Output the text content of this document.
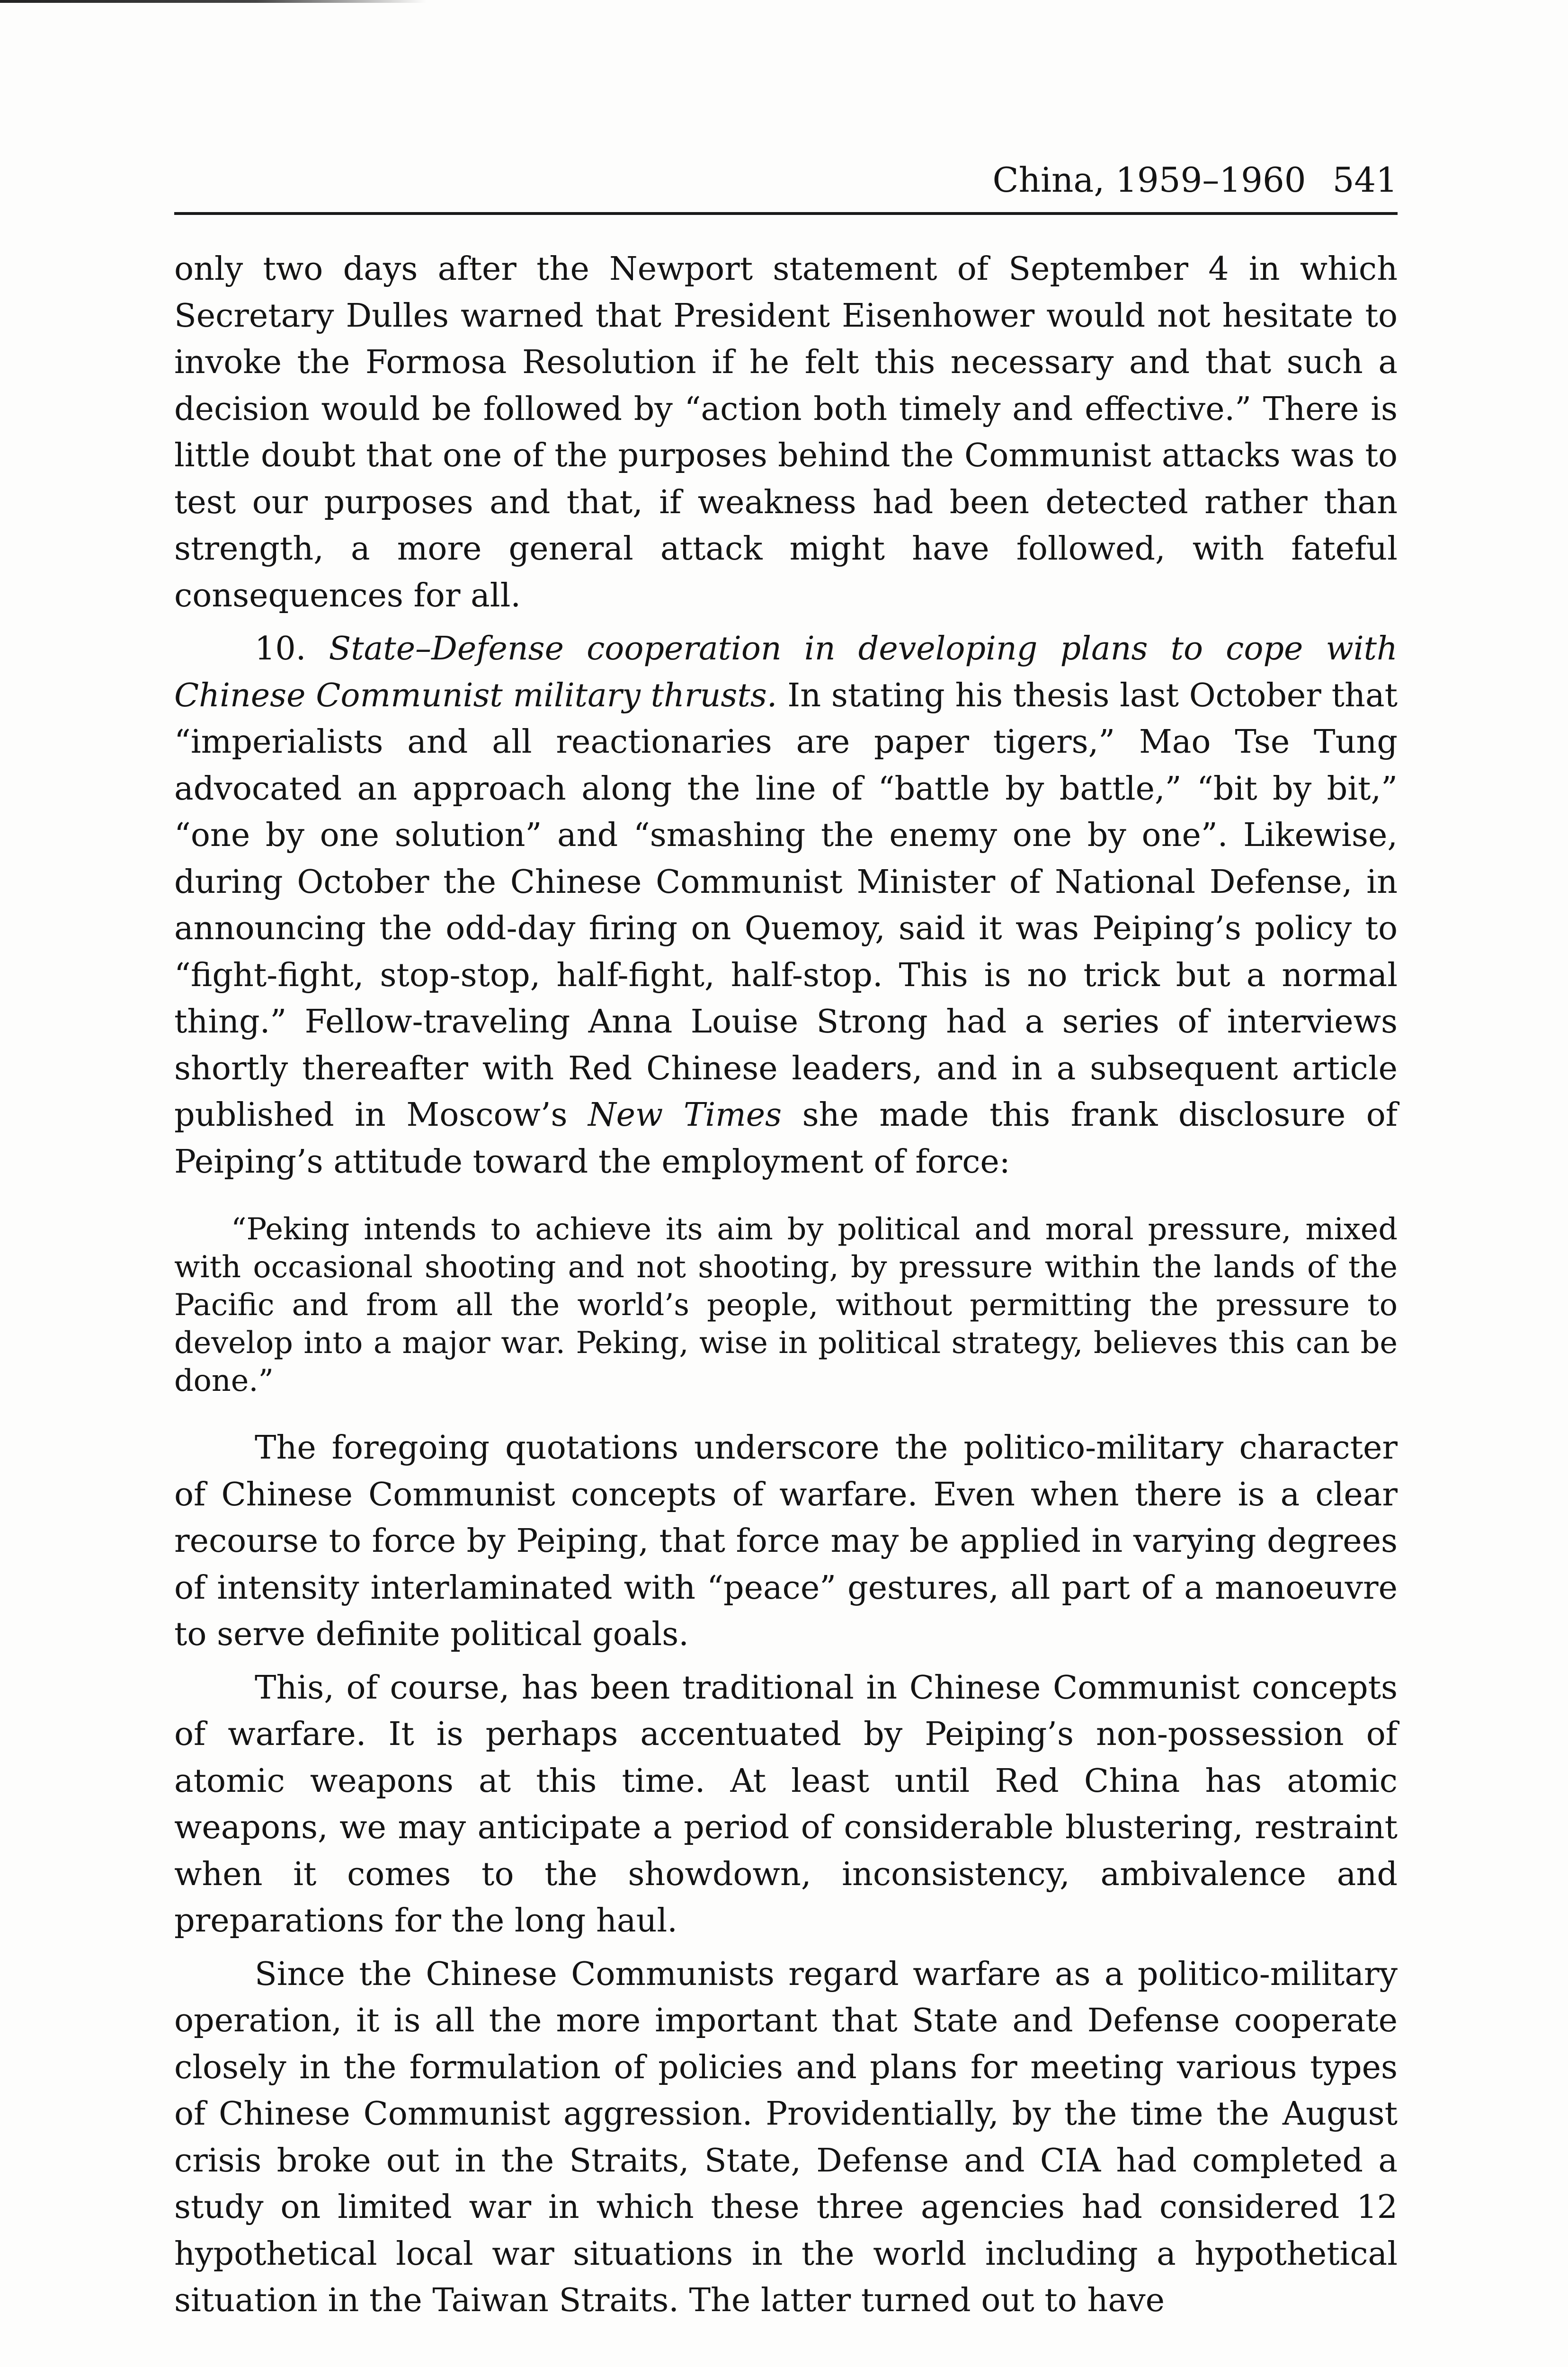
China, 1959–1960 541

only two days after the Newport statement of September 4 in which Secretary Dulles warned that President Eisenhower would not hesitate to invoke the Formosa Resolution if he felt this necessary and that such a decision would be followed by “action both timely and effective.” There is little doubt that one of the purposes behind the Communist attacks was to test our purposes and that, if weakness had been detected rather than strength, a more general attack might have followed, with fateful consequences for all.

10. State–Defense cooperation in developing plans to cope with Chinese Communist military thrusts. In stating his thesis last October that “imperialists and all reactionaries are paper tigers,” Mao Tse Tung advocated an approach along the line of “battle by battle,” “bit by bit,” “one by one solution” and “smashing the enemy one by one”. Likewise, during October the Chinese Communist Minister of National Defense, in announcing the odd-day firing on Quemoy, said it was Peiping’s policy to “fight-fight, stop-stop, half-fight, half-stop. This is no trick but a normal thing.” Fellow-traveling Anna Louise Strong had a series of interviews shortly thereafter with Red Chinese leaders, and in a subsequent article published in Moscow’s New Times she made this frank disclosure of Peiping’s attitude toward the employment of force:

“Peking intends to achieve its aim by political and moral pressure, mixed with occasional shooting and not shooting, by pressure within the lands of the Pacific and from all the world’s people, without permitting the pressure to develop into a major war. Peking, wise in political strategy, believes this can be done.”

The foregoing quotations underscore the politico-military character of Chinese Communist concepts of warfare. Even when there is a clear recourse to force by Peiping, that force may be applied in varying degrees of intensity interlaminated with “peace” gestures, all part of a manoeuvre to serve definite political goals.

This, of course, has been traditional in Chinese Communist concepts of warfare. It is perhaps accentuated by Peiping’s non-possession of atomic weapons at this time. At least until Red China has atomic weapons, we may anticipate a period of considerable blustering, restraint when it comes to the showdown, inconsistency, ambivalence and preparations for the long haul.

Since the Chinese Communists regard warfare as a politico-military operation, it is all the more important that State and Defense cooperate closely in the formulation of policies and plans for meeting various types of Chinese Communist aggression. Providentially, by the time the August crisis broke out in the Straits, State, Defense and CIA had completed a study on limited war in which these three agencies had considered 12 hypothetical local war situations in the world including a hypothetical situation in the Taiwan Straits. The latter turned out to have
